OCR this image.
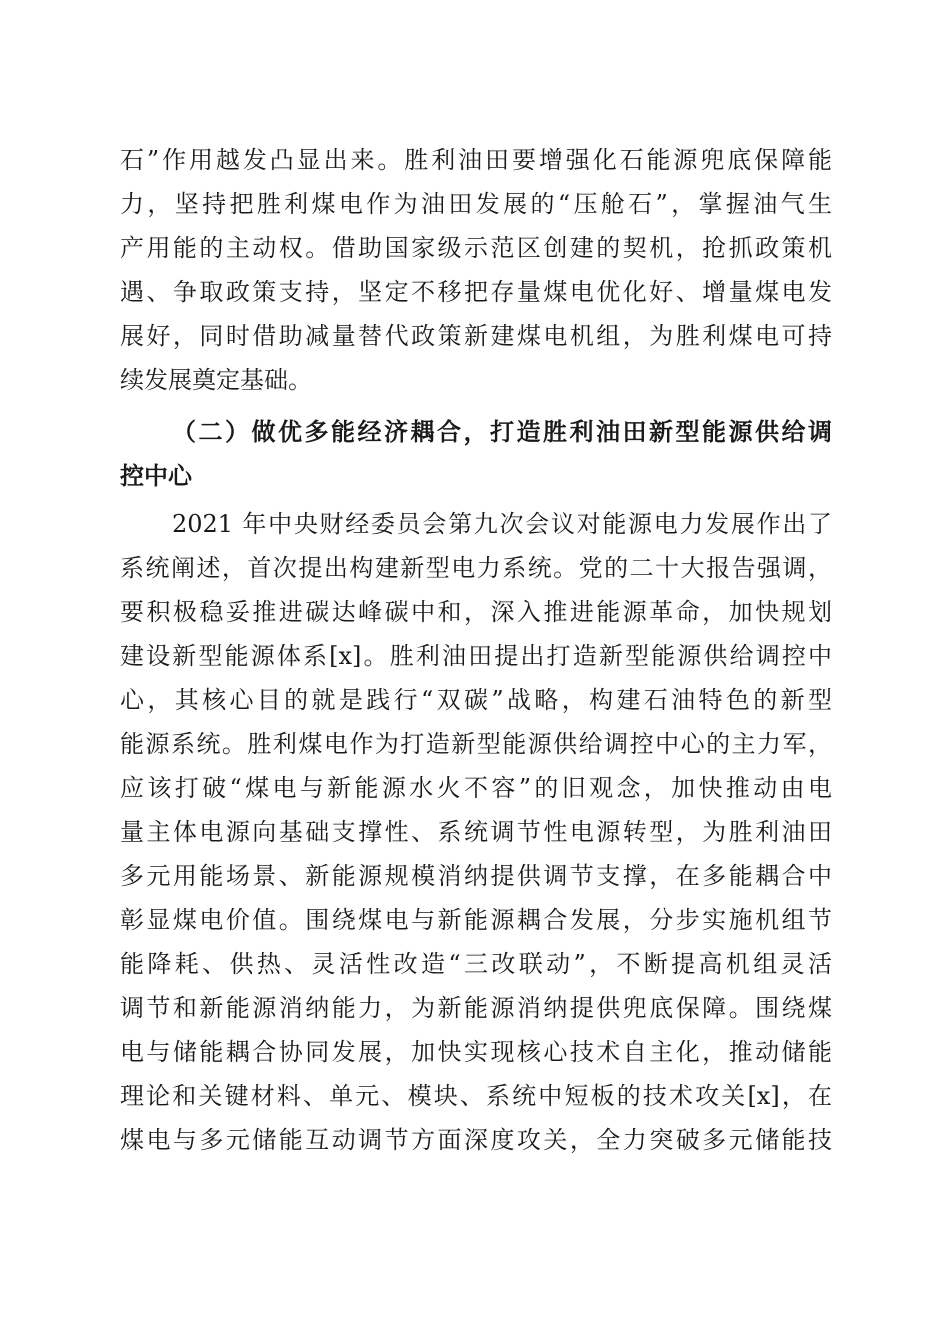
石”作用越发凸显出来。胜利油田要增强化石能源兜底保障能
力，坚持把胜利煤电作为油田发展的“压舱石”，掌握油气生
产用能的主动权。借助国家级示范区创建的契机，抢抓政策机
遇、争取政策支持，坚定不移把存量煤电优化好、增量煤电发
展好，同时借助减量替代政策新建煤电机组，为胜利煤电可持
续发展奠定基础。
（二）做优多能经济耦合，打造胜利油田新型能源供给调
控中心
2021 年中央财经委员会第九次会议对能源电力发展作出了
系统阐述，首次提出构建新型电力系统。党的二十大报告强调，
要积极稳妥推进碳达峰碳中和，深入推进能源革命，加快规划
建设新型能源体系[x]。胜利油田提出打造新型能源供给调控中
心，其核心目的就是践行“双碳”战略，构建石油特色的新型
能源系统。胜利煤电作为打造新型能源供给调控中心的主力军，
应该打破“煤电与新能源水火不容”的旧观念，加快推动由电
量主体电源向基础支撑性、系统调节性电源转型，为胜利油田
多元用能场景、新能源规模消纳提供调节支撑，在多能耦合中
彰显煤电价值。围绕煤电与新能源耦合发展，分步实施机组节
能降耗、供热、灵活性改造“三改联动”，不断提高机组灵活
调节和新能源消纳能力，为新能源消纳提供兜底保障。围绕煤
电与储能耦合协同发展，加快实现核心技术自主化，推动储能
理论和关键材料、单元、模块、系统中短板的技术攻关[x]，在
煤电与多元储能互动调节方面深度攻关，全力突破多元储能技
